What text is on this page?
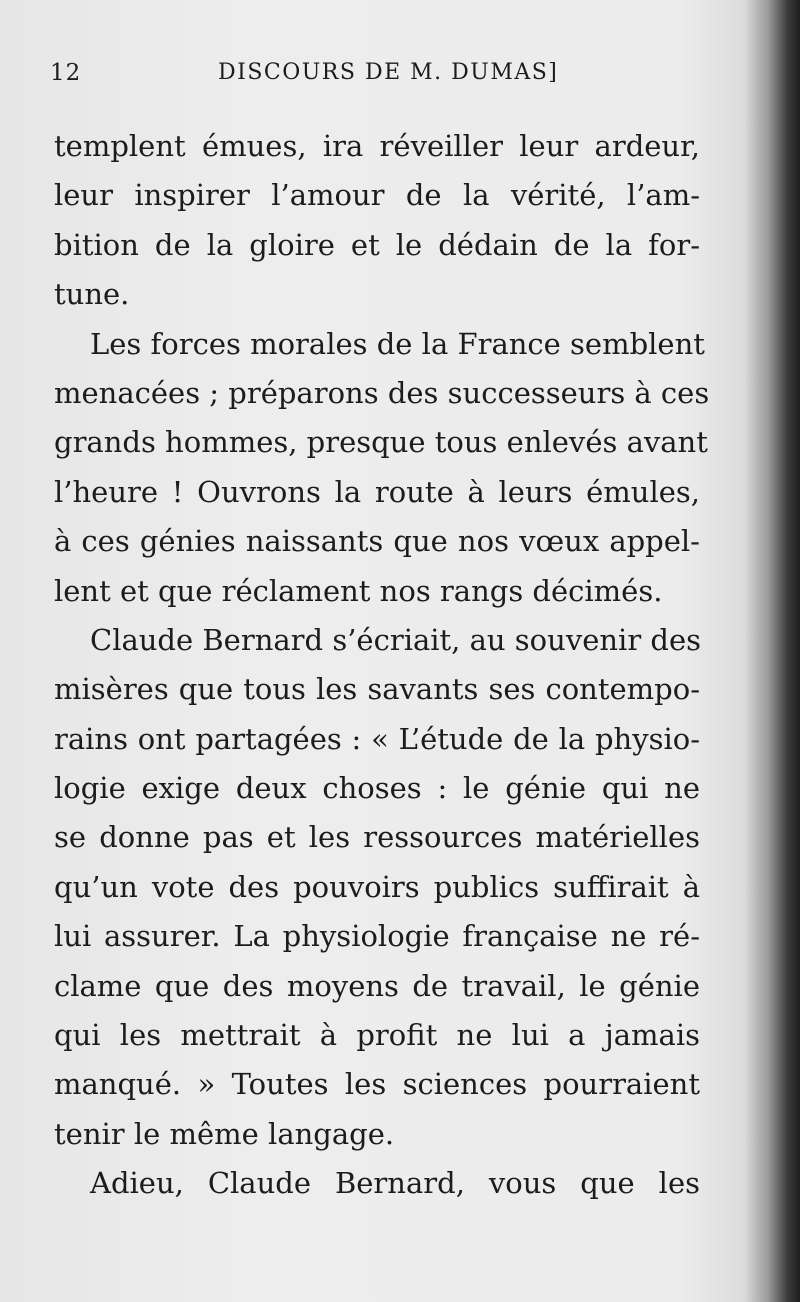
12	DISCOURS DE M. DUMAS]
templent émues, ira réveiller leur ardeur,
leur inspirer l’amour de la vérité, l’am-
bition de la gloire et le dédain de la for-
tune.
Les forces morales de la France semblent
menacées ; préparons des successeurs à ces
grands hommes, presque tous enlevés avant
l’heure ! Ouvrons la route à leurs émules,
à ces génies naissants que nos vœux appel-
lent et que réclament nos rangs décimés.
Claude Bernard s’écriait, au souvenir des
misères que tous les savants ses contempo-
rains ont partagées : « L’étude de la physio-
logie exige deux choses : le génie qui ne
se donne pas et les ressources matérielles
qu’un vote des pouvoirs publics suffirait à
lui assurer. La physiologie française ne ré-
clame que des moyens de travail, le génie
qui les mettrait à profit ne lui a jamais
manqué. » Toutes les sciences pourraient
tenir le même langage.
Adieu, Claude Bernard, vous que les
